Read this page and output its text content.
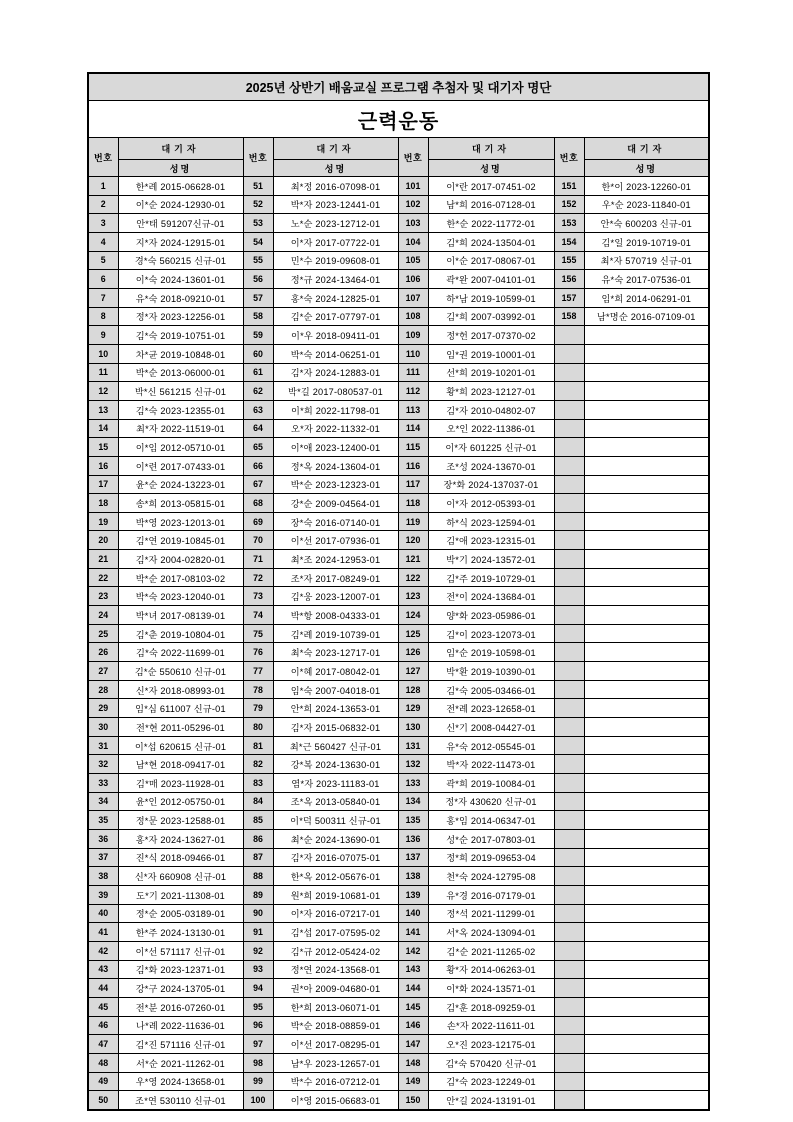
2025년 상반기 배움교실 프로그램 추첨자 및 대기자 명단							
근력운동							
번호	대기자	번호	대기자	번호	대기자	번호	대기자
	성명		성명		성명		성명
1	한*례 2015-06628-01	51	최*정 2016-07098-01	101	이*란 2017-07451-02	151	한*이 2023-12260-01
2	이*순 2024-12930-01	52	박*자 2023-12441-01	102	남*희 2016-07128-01	152	우*순 2023-11840-01
3	안*태 591207신규-01	53	노*순 2023-12712-01	103	한*순 2022-11772-01	153	안*숙 600203 신규-01
4	지*자 2024-12915-01	54	이*자 2017-07722-01	104	김*희 2024-13504-01	154	김*일 2019-10719-01
5	경*숙 560215 신규-01	55	민*수 2019-09608-01	105	이*순 2017-08067-01	155	최*자 570719 신규-01
6	이*숙 2024-13601-01	56	정*규 2024-13464-01	106	곽*완 2007-04101-01	156	유*숙 2017-07536-01
7	유*숙 2018-09210-01	57	홍*숙 2024-12825-01	107	하*남 2019-10599-01	157	임*희 2014-06291-01
8	정*자 2023-12256-01	58	김*순 2017-07797-01	108	김*희 2007-03992-01	158	남*명순 2016-07109-01
9	김*숙 2019-10751-01	59	이*우 2018-09411-01	109	정*헌 2017-07370-02		
10	차*균 2019-10848-01	60	박*숙 2014-06251-01	110	임*권 2019-10001-01		
11	박*순 2013-06000-01	61	김*자 2024-12883-01	111	선*희 2019-10201-01		
12	박*신 561215 신규-01	62	박*길 2017-080537-01	112	황*희 2023-12127-01		
13	김*숙 2023-12355-01	63	이*희 2022-11798-01	113	김*자 2010-04802-07		
14	최*자 2022-11519-01	64	오*자 2022-11332-01	114	오*인 2022-11386-01		
15	이*임 2012-05710-01	65	이*애 2023-12400-01	115	이*자 601225 신규-01		
16	이*련 2017-07433-01	66	정*옥 2024-13604-01	116	조*성 2024-13670-01		
17	윤*순 2024-13223-01	67	박*순 2023-12323-01	117	장*화 2024-137037-01		
18	송*희 2013-05815-01	68	강*순 2009-04564-01	118	이*자 2012-05393-01		
19	박*영 2023-12013-01	69	장*숙 2016-07140-01	119	하*식 2023-12594-01		
20	김*연 2019-10845-01	70	이*선 2017-07936-01	120	김*애 2023-12315-01		
21	김*자 2004-02820-01	71	최*조 2024-12953-01	121	박*기 2024-13572-01		
22	박*순 2017-08103-02	72	조*자 2017-08249-01	122	김*주 2019-10729-01		
23	박*숙 2023-12040-01	73	김*웅 2023-12007-01	123	전*이 2024-13684-01		
24	박*녀 2017-08139-01	74	박*항 2008-04333-01	124	양*화 2023-05986-01		
25	김*춘 2019-10804-01	75	김*례 2019-10739-01	125	김*이 2023-12073-01		
26	김*숙 2022-11699-01	76	최*숙 2023-12717-01	126	임*순 2019-10598-01		
27	김*순 550610 신규-01	77	이*혜 2017-08042-01	127	박*환 2019-10390-01		
28	신*자 2018-08993-01	78	임*숙 2007-04018-01	128	김*숙 2005-03466-01		
29	임*심 611007 신규-01	79	안*희 2024-13653-01	129	전*례 2023-12658-01		
30	전*현 2011-05296-01	80	김*자 2015-06832-01	130	신*기 2008-04427-01		
31	이*섭 620615 신규-01	81	최*근 560427 신규-01	131	유*숙 2012-05545-01		
32	남*현 2018-09417-01	82	강*복 2024-13630-01	132	박*자 2022-11473-01		
33	김*매 2023-11928-01	83	염*자 2023-11183-01	133	곽*희 2019-10084-01		
34	윤*인 2012-05750-01	84	조*옥 2013-05840-01	134	정*자 430620 신규-01		
35	정*문 2023-12588-01	85	이*덕 500311 신규-01	135	홍*임 2014-06347-01		
36	홍*자 2024-13627-01	86	최*순 2024-13690-01	136	성*순 2017-07803-01		
37	진*식 2018-09466-01	87	김*자 2016-07075-01	137	정*희 2019-09653-04		
38	신*자 660908 신규-01	88	한*옥 2012-05676-01	138	천*숙 2024-12795-08		
39	도*기 2021-11308-01	89	원*희 2019-10681-01	139	유*경 2016-07179-01		
40	정*순 2005-03189-01	90	이*자 2016-07217-01	140	정*석 2021-11299-01		
41	한*주 2024-13130-01	91	김*섭 2017-07595-02	141	서*옥 2024-13094-01		
42	이*선 571117 신규-01	92	김*규 2012-05424-02	142	김*순 2021-11265-02		
43	김*화 2023-12371-01	93	정*연 2024-13568-01	143	황*자 2014-06263-01		
44	강*구 2024-13705-01	94	권*아 2009-04680-01	144	이*화 2024-13571-01		
45	전*분 2016-07260-01	95	한*희 2013-06071-01	145	김*훈 2018-09259-01		
46	나*례 2022-11636-01	96	박*순 2018-08859-01	146	손*자 2022-11611-01		
47	김*진 571116 신규-01	97	이*선 2017-08295-01	147	오*진 2023-12175-01		
48	서*순 2021-11262-01	98	남*우 2023-12657-01	148	김*숙 570420 신규-01		
49	우*영 2024-13658-01	99	박*수 2016-07212-01	149	김*숙 2023-12249-01		
50	조*연 530110 신규-01	100	이*영 2015-06683-01	150	안*길 2024-13191-01		
